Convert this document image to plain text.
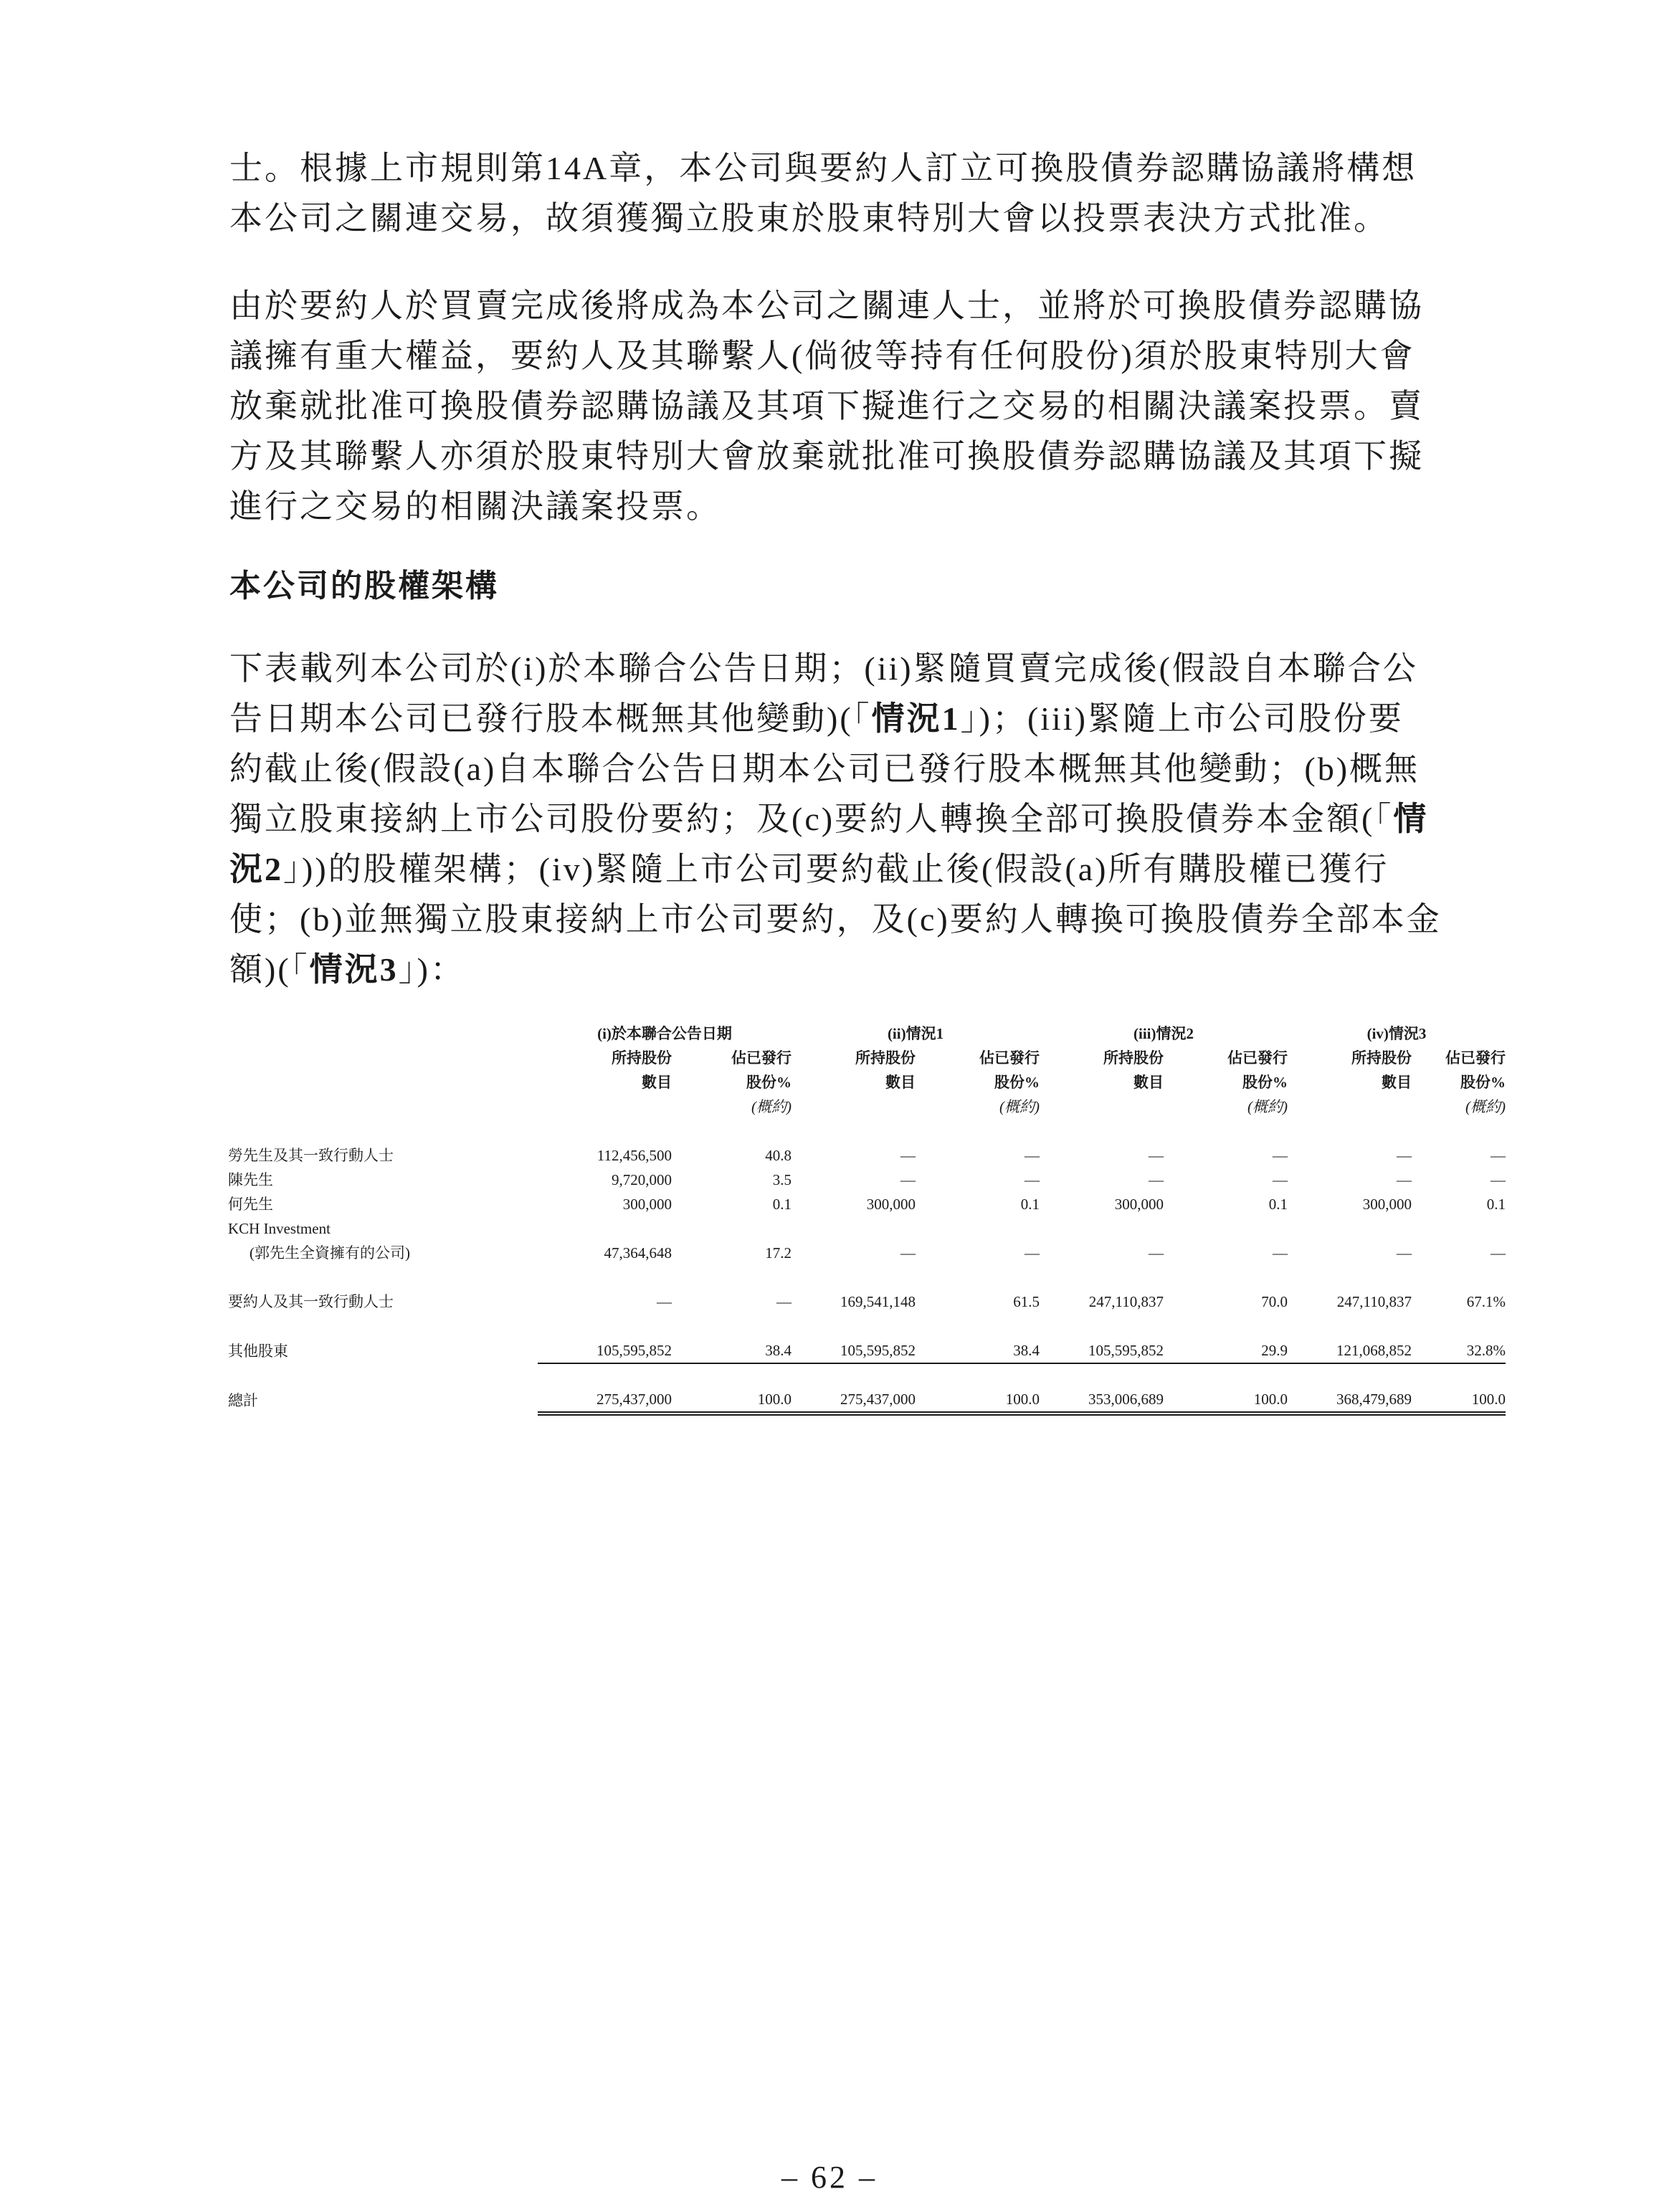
士。根據上市規則第14A章，本公司與要約人訂立可換股債券認購協議將構想
本公司之關連交易，故須獲獨立股東於股東特別大會以投票表決方式批准。
由於要約人於買賣完成後將成為本公司之關連人士，並將於可換股債券認購協
議擁有重大權益，要約人及其聯繫人(倘彼等持有任何股份)須於股東特別大會
放棄就批准可換股債券認購協議及其項下擬進行之交易的相關決議案投票。賣
方及其聯繫人亦須於股東特別大會放棄就批准可換股債券認購協議及其項下擬
進行之交易的相關決議案投票。
本公司的股權架構
下表載列本公司於(i)於本聯合公告日期；(ii)緊隨買賣完成後(假設自本聯合公
告日期本公司已發行股本概無其他變動)(「情況1」)；(iii)緊隨上市公司股份要
約截止後(假設(a)自本聯合公告日期本公司已發行股本概無其他變動；(b)概無
獨立股東接納上市公司股份要約；及(c)要約人轉換全部可換股債券本金額(「情
況2」))的股權架構；(iv)緊隨上市公司要約截止後(假設(a)所有購股權已獲行
使；(b)並無獨立股東接納上市公司要約，及(c)要約人轉換可換股債券全部本金
額)(「情況3」)：
	(i)於本聯合公告日期		(ii)情況1		(iii)情況2		(iv)情況3	
	所持股份	佔已發行	所持股份	佔已發行	所持股份	佔已發行	所持股份	佔已發行
	數目	股份%	數目	股份%	數目	股份%	數目	股份%
		(概約)		(概約)		(概約)		(概約)

勞先生及其一致行動人士	112,456,500	40.8	—	—	—	—	—	—
陳先生	9,720,000	3.5	—	—	—	—	—	—
何先生	300,000	0.1	300,000	0.1	300,000	0.1	300,000	0.1
KCH Investment								
(郭先生全資擁有的公司)	47,364,648	17.2	—	—	—	—	—	—

要約人及其一致行動人士	—	—	169,541,148	61.5	247,110,837	70.0	247,110,837	67.1%

其他股東	105,595,852	38.4	105,595,852	38.4	105,595,852	29.9	121,068,852	32.8%

總計	275,437,000	100.0	275,437,000	100.0	353,006,689	100.0	368,479,689	100.0

– 62 –
